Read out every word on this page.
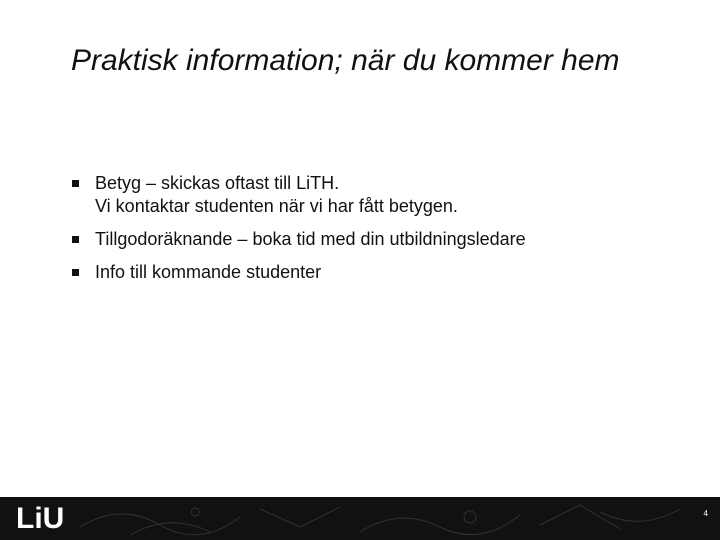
Praktisk information; när du kommer hem
Betyg – skickas oftast till LiTH.
Vi kontaktar studenten när vi har fått betygen.
Tillgodoräknande – boka tid med din utbildningsledare
Info till kommande studenter
LiU	4
